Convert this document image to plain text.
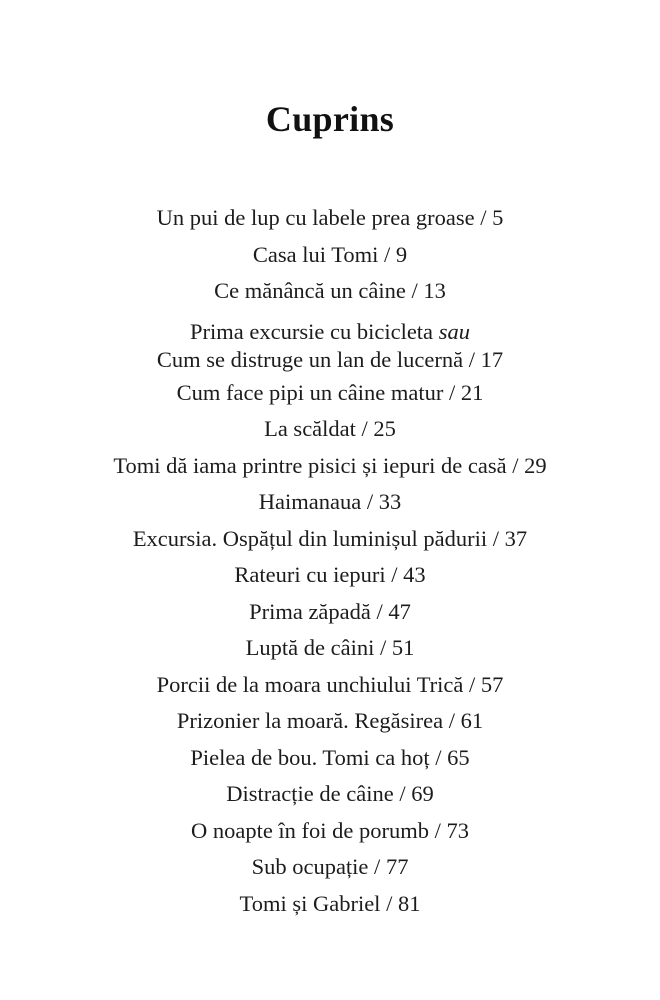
Cuprins
Un pui de lup cu labele prea groase / 5
Casa lui Tomi / 9
Ce mănâncă un câine / 13
Prima excursie cu bicicleta sau
Cum se distruge un lan de lucernă / 17
Cum face pipi un câine matur / 21
La scăldat / 25
Tomi dă iama printre pisici și iepuri de casă / 29
Haimanaua / 33
Excursia. Ospățul din luminișul pădurii / 37
Rateuri cu iepuri / 43
Prima zăpadă / 47
Luptă de câini / 51
Porcii de la moara unchiului Trică / 57
Prizonier la moară. Regăsirea / 61
Pielea de bou. Tomi ca hoț / 65
Distracție de câine / 69
O noapte în foi de porumb / 73
Sub ocupație / 77
Tomi și Gabriel / 81
